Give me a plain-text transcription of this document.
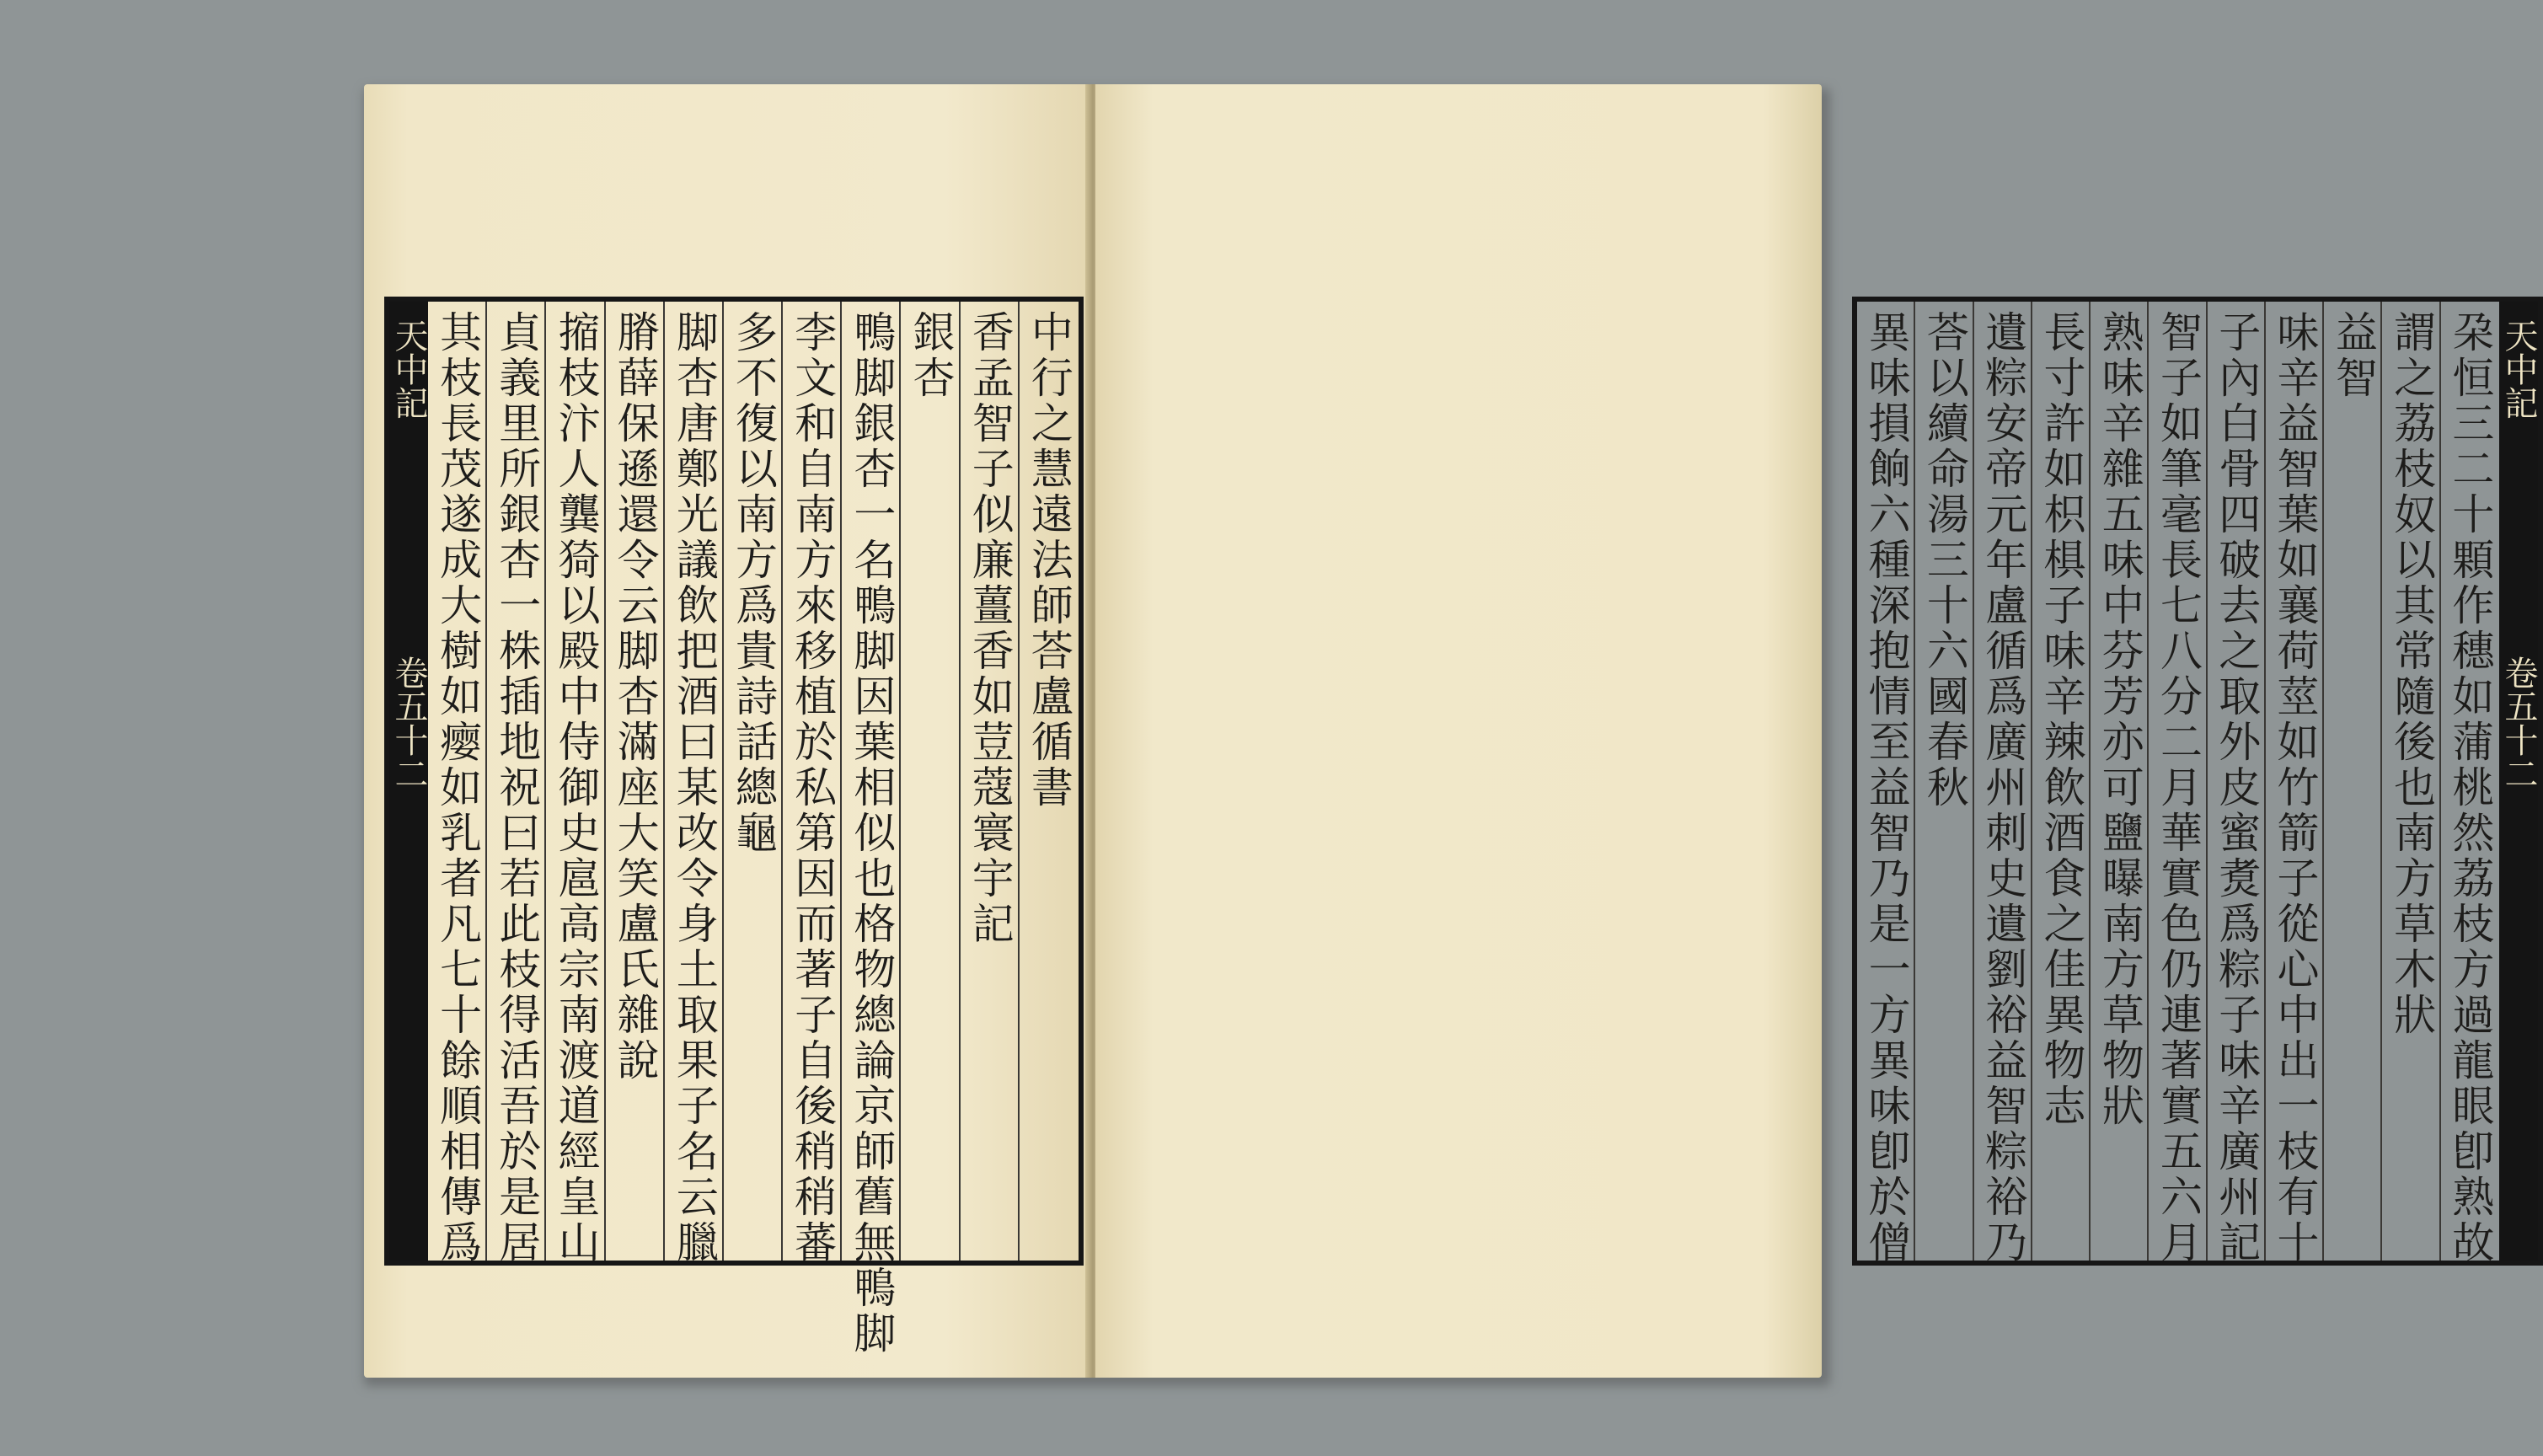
天中記
卷五十二	中行之慧遠法師荅盧循書
香孟智子似廉薑香如荳蔻寰宇記
銀杏
鴨脚銀杏一名鴨脚因葉相似也格物總論京師舊無鴨脚
李文和自南方來移植於私第因而著子自後稍稍蕃
多不復以南方爲貴詩話總龜
脚杏唐鄭光議飲把酒曰某改令身土取果子名云臘
膌薛保遜還令云脚杏滿座大笑盧氏雜說
摍枝汴人龔猗以殿中侍御史扈高宗南渡道經皇山
貞義里所銀杏一株插地祝曰若此枝得活吾於是居
其枝長茂遂成大樹如瘿如乳者凡七十餘順相傳爲	天中記
卷五十二
朶恒三二十顆作穗如蒲桃然荔枝方過龍眼卽熟故
謂之荔枝奴以其常隨後也南方草木狀
益智
味辛益智葉如襄荷莖如竹箭子從心中出一枝有十
子內白骨四破去之取外皮蜜煑爲粽子味辛廣州記
智子如筆毫長七八分二月華實色仍連著實五六月
熟味辛雜五味中芬芳亦可鹽曝南方草物狀
長寸許如枳椇子味辛辣飲酒食之佳異物志
遺粽安帝元年盧循爲廣州刺史遺劉裕益智粽裕乃
荅以續命湯三十六國春秋
異味損餉六種深抱情至益智乃是一方異味卽於僧
